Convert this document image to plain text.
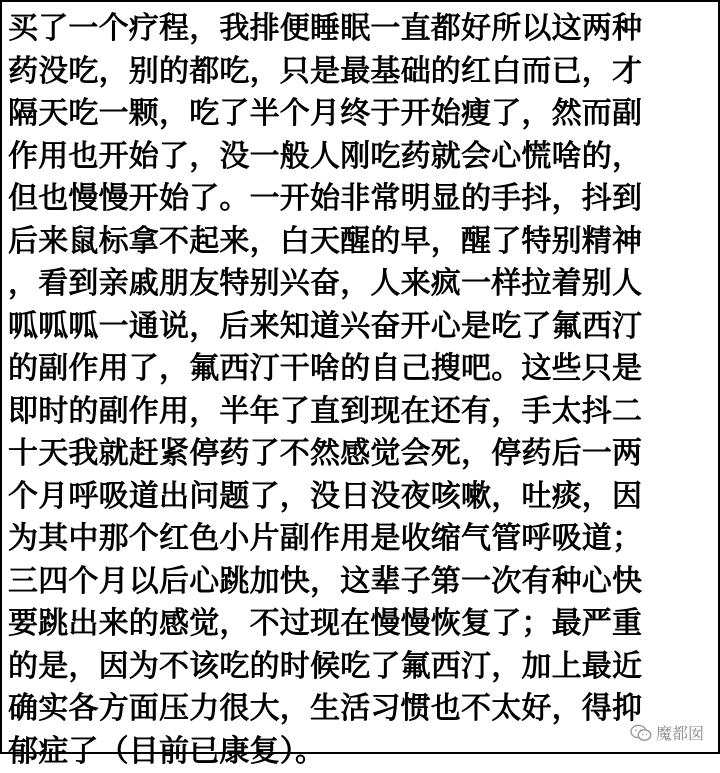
买了一个疗程，我排便睡眠一直都好所以这两种
药没吃，别的都吃，只是最基础的红白而已，才
隔天吃一颗，吃了半个月终于开始瘦了，然而副
作用也开始了，没一般人刚吃药就会心慌啥的，
但也慢慢开始了。一开始非常明显的手抖，抖到
后来鼠标拿不起来，白天醒的早，醒了特别精神
，看到亲戚朋友特别兴奋，人来疯一样拉着别人
呱呱呱一通说，后来知道兴奋开心是吃了氟西汀
的副作用了，氟西汀干啥的自己搜吧。这些只是
即时的副作用，半年了直到现在还有，手太抖二
十天我就赶紧停药了不然感觉会死，停药后一两
个月呼吸道出问题了，没日没夜咳嗽，吐痰，因
为其中那个红色小片副作用是收缩气管呼吸道；
三四个月以后心跳加快，这辈子第一次有种心快
要跳出来的感觉，不过现在慢慢恢复了；最严重
的是，因为不该吃的时候吃了氟西汀，加上最近
确实各方面压力很大，生活习惯也不太好，得抑
郁症了（目前已康复）。	魔都囡
